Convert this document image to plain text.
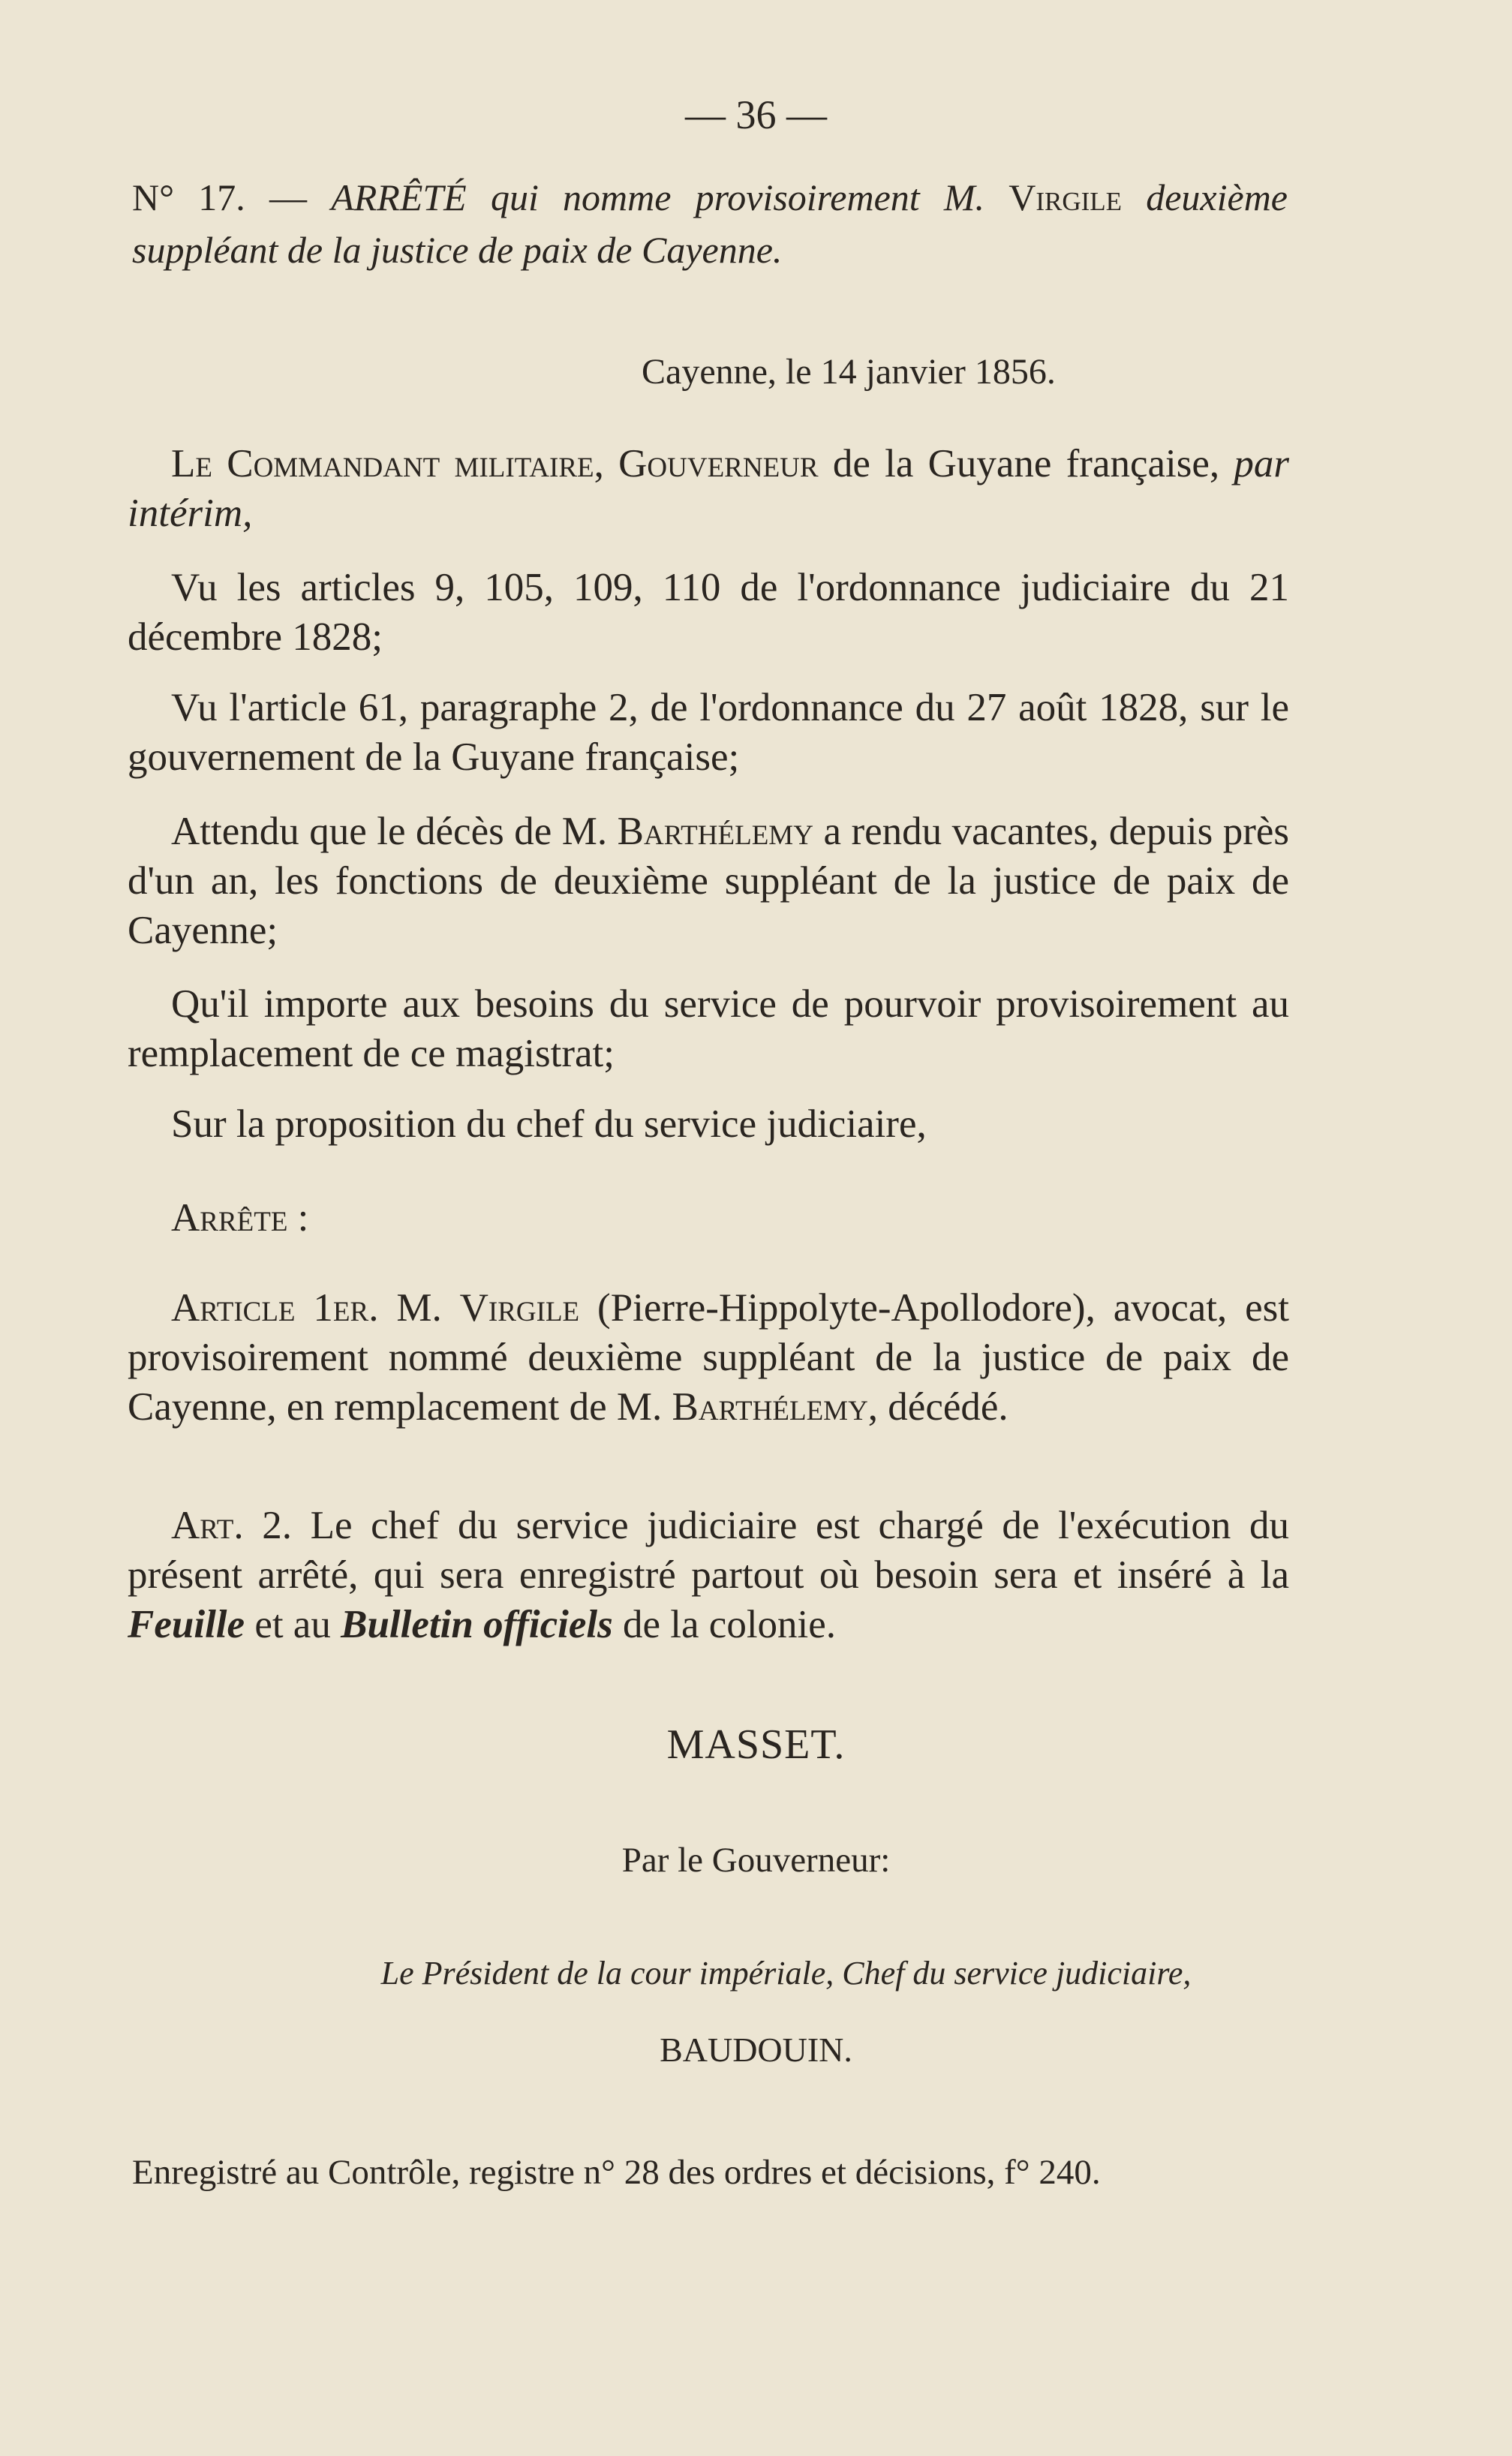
— 36 —
N° 17. — ARRÊTÉ qui nomme provisoirement M. Virgile deuxième suppléant de la justice de paix de Cayenne.
Cayenne, le 14 janvier 1856.
Le Commandant militaire, Gouverneur de la Guyane française, par intérim,
Vu les articles 9, 105, 109, 110 de l'ordonnance judiciaire du 21 décembre 1828;
Vu l'article 61, paragraphe 2, de l'ordonnance du 27 août 1828, sur le gouvernement de la Guyane française;
Attendu que le décès de M. Barthélemy a rendu vacantes, depuis près d'un an, les fonctions de deuxième suppléant de la justice de paix de Cayenne;
Qu'il importe aux besoins du service de pourvoir provisoirement au remplacement de ce magistrat;
Sur la proposition du chef du service judiciaire,
Arrête :
Article 1er. M. Virgile (Pierre-Hippolyte-Apollodore), avocat, est provisoirement nommé deuxième suppléant de la justice de paix de Cayenne, en remplacement de M. Barthélemy, décédé.
Art. 2. Le chef du service judiciaire est chargé de l'exécution du présent arrêté, qui sera enregistré partout où besoin sera et inséré à la Feuille et au Bulletin officiels de la colonie.
MASSET.
Par le Gouverneur:
Le Président de la cour impériale, Chef du service judiciaire,
BAUDOUIN.
Enregistré au Contrôle, registre n° 28 des ordres et décisions, f° 240.
